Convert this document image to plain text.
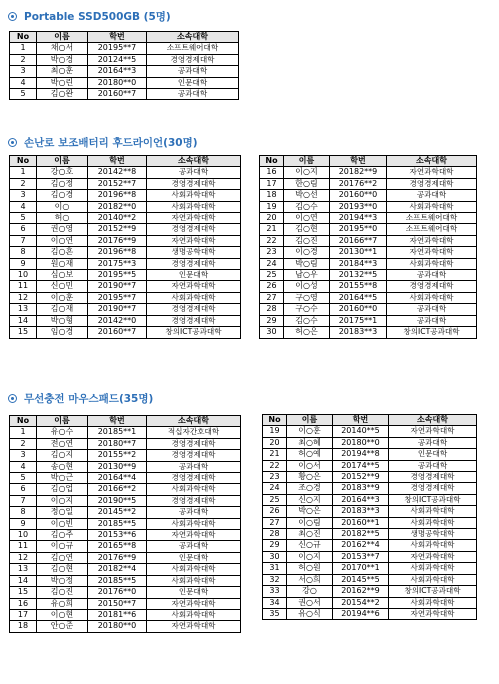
Portable SSD500GB (5명)
No	이름	학번	소속대학
1	채○서	20195**7	소프트웨어대학
2	박○경	20124**5	경영경제대학
3	최○훈	20164**3	공과대학
4	박○린	20180**0	인문대학
5	김○완	20160**7	공과대학
손난로 보조배터리 후드라이언(30명)
No	이름	학번	소속대학
1	강○호	20142**8	공과대학
2	김○정	20152**7	경영경제대학
3	김○경	20196**8	사회과학대학
4	이○	20182**0	사회과학대학
5	허○	20140**2	자연과학대학
6	권○영	20152**9	경영경제대학
7	이○연	20176**9	자연과학대학
8	김○흔	20196**8	생명공학대학
9	원○재	20175**3	경영경제대학
10	심○보	20195**5	인문대학
11	신○민	20190**7	자연과학대학
12	이○훈	20195**7	사회과학대학
13	김○재	20190**7	경영경제대학
14	박○형	20142**0	경영경제대학
15	임○경	20160**7	창의ICT공과대학
No	이름	학번	소속대학
16	이○지	20182**9	자연과학대학
17	한○림	20176**2	경영경제대학
18	박○선	20160**0	공과대학
19	김○수	20193**0	사회과학대학
20	이○연	20194**3	소프트웨어대학
21	김○현	20195**0	소프트웨어대학
22	김○진	20166**7	자연과학대학
23	이○경	20130**1	자연과학대학
24	박○림	20184**3	사회과학대학
25	남○우	20132**5	공과대학
26	이○성	20155**8	경영경제대학
27	구○영	20164**5	사회과학대학
28	구○수	20160**0	공과대학
29	김○수	20175**1	공과대학
30	허○은	20183**3	창의ICT공과대학
무선충전 마우스패드(35명)
No	이름	학번	소속대학
1	유○수	20185**1	적십자간호대학
2	전○연	20180**7	경영경제대학
3	김○지	20155**2	경영경제대학
4	송○현	20130**9	공과대학
5	박○근	20164**4	경영경제대학
6	김○업	20166**2	사회과학대학
7	이○지	20190**5	경영경제대학
8	정○일	20145**2	공과대학
9	이○빈	20185**5	사회과학대학
10	김○주	20153**6	자연과학대학
11	이○규	20165**8	공과대학
12	김○연	20176**9	인문대학
13	김○현	20182**4	사회과학대학
14	박○정	20185**5	사회과학대학
15	김○진	20176**0	인문대학
16	유○희	20150**7	자연과학대학
17	이○현	20181**6	사회과학대학
18	안○준	20180**0	자연과학대학
No	이름	학번	소속대학
19	이○훈	20140**5	자연과학대학
20	최○혜	20180**0	공과대학
21	허○예	20194**8	인문대학
22	이○서	20174**5	공과대학
23	황○은	20152**9	경영경제대학
24	조○경	20183**9	경영경제대학
25	신○지	20164**3	창의ICT공과대학
26	박○은	20183**3	사회과학대학
27	이○림	20160**1	사회과학대학
28	최○진	20182**5	생명공학대학
29	신○규	20162**4	사회과학대학
30	이○지	20153**7	자연과학대학
31	허○원	20170**1	사회과학대학
32	서○희	20145**5	사회과학대학
33	강○	20162**9	창의ICT공과대학
34	권○서	20154**2	사회과학대학
35	유○식	20194**6	자연과학대학
